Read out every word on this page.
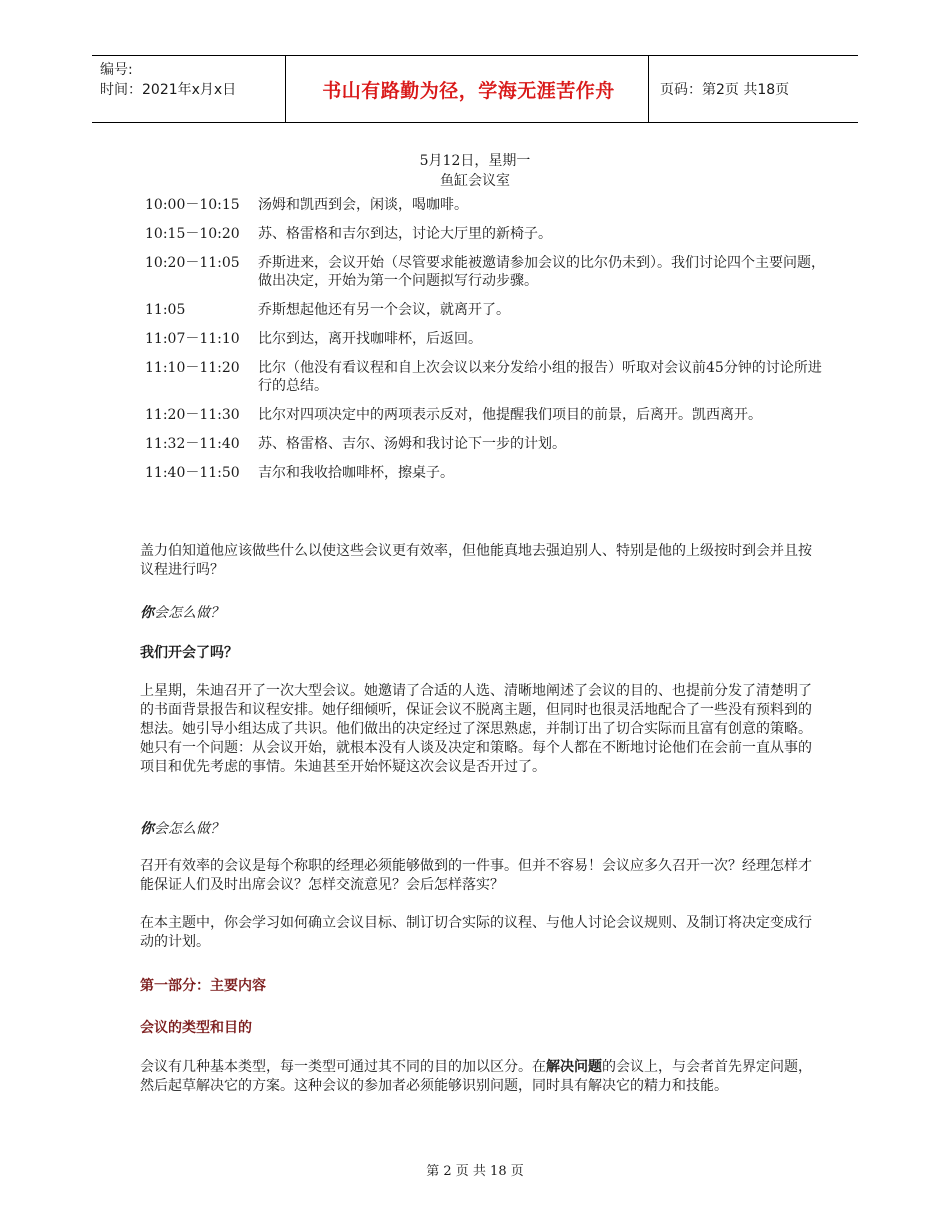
编号:
时间：2021年x月x日	书山有路勤为径，学海无涯苦作舟	页码：第2页 共18页
5月12日，星期一
鱼缸会议室
10:00－10:15	汤姆和凯西到会，闲谈，喝咖啡。
10:15－10:20	苏、格雷格和吉尔到达，讨论大厅里的新椅子。
10:20－11:05	乔斯进来，会议开始（尽管要求能被邀请参加会议的比尔仍未到）。我们讨论四个主要问题，做出决定，开始为第一个问题拟写行动步骤。
11:05	乔斯想起他还有另一个会议，就离开了。
11:07－11:10	比尔到达，离开找咖啡杯，后返回。
11:10－11:20	比尔（他没有看议程和自上次会议以来分发给小组的报告）听取对会议前45分钟的讨论所进行的总结。
11:20－11:30	比尔对四项决定中的两项表示反对，他提醒我们项目的前景，后离开。凯西离开。
11:32－11:40	苏、格雷格、吉尔、汤姆和我讨论下一步的计划。
11:40－11:50	吉尔和我收拾咖啡杯，擦桌子。
盖力伯知道他应该做些什么以使这些会议更有效率，但他能真地去强迫别人、特别是他的上级按时到会并且按议程进行吗？
你会怎么做？
我们开会了吗？
上星期，朱迪召开了一次大型会议。她邀请了合适的人选、清晰地阐述了会议的目的、也提前分发了清楚明了的书面背景报告和议程安排。她仔细倾听，保证会议不脱离主题，但同时也很灵活地配合了一些没有预料到的想法。她引导小组达成了共识。他们做出的决定经过了深思熟虑，并制订出了切合实际而且富有创意的策略。她只有一个问题：从会议开始，就根本没有人谈及决定和策略。每个人都在不断地讨论他们在会前一直从事的项目和优先考虑的事情。朱迪甚至开始怀疑这次会议是否开过了。
你会怎么做？
召开有效率的会议是每个称职的经理必须能够做到的一件事。但并不容易！会议应多久召开一次？经理怎样才能保证人们及时出席会议？怎样交流意见？会后怎样落实？
在本主题中，你会学习如何确立会议目标、制订切合实际的议程、与他人讨论会议规则、及制订将决定变成行动的计划。
第一部分：主要内容
会议的类型和目的
会议有几种基本类型，每一类型可通过其不同的目的加以区分。在解决问题的会议上，与会者首先界定问题，然后起草解决它的方案。这种会议的参加者必须能够识别问题，同时具有解决它的精力和技能。
第 2 页 共 18 页
